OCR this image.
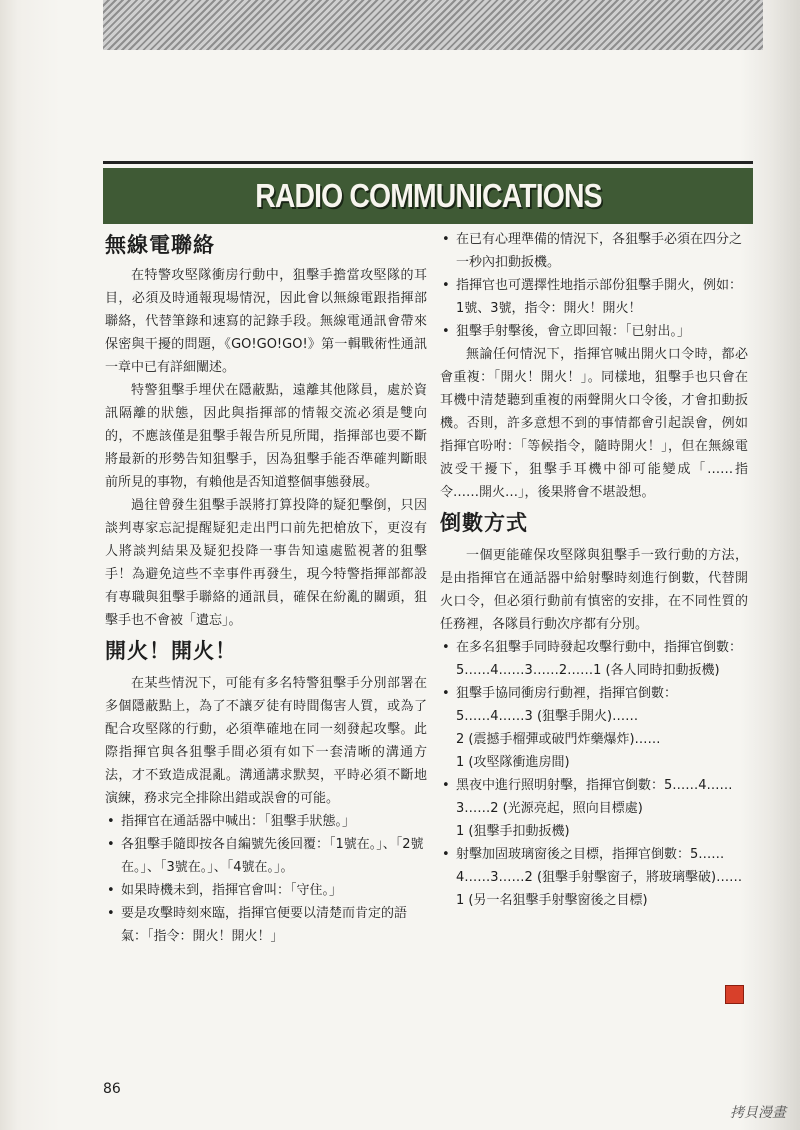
RADIO COMMUNICATIONS
無線電聯絡

在特警攻堅隊衝房行動中，狙擊手擔當攻堅隊的耳目，必須及時通報現場情況，因此會以無線電跟指揮部聯絡，代替筆錄和速寫的記錄手段。無線電通訊會帶來保密與干擾的問題，《GO!GO!GO!》第一輯戰術性通訊一章中已有詳細闡述。

特警狙擊手埋伏在隱蔽點，遠離其他隊員，處於資訊隔離的狀態，因此與指揮部的情報交流必須是雙向的，不應該僅是狙擊手報告所見所聞，指揮部也要不斷將最新的形勢告知狙擊手，因為狙擊手能否準確判斷眼前所見的事物，有賴他是否知道整個事態發展。

過往曾發生狙擊手誤將打算投降的疑犯擊倒，只因談判專家忘記提醒疑犯走出門口前先把槍放下，更沒有人將談判結果及疑犯投降一事告知遠處監視著的狙擊手！為避免這些不幸事件再發生，現今特警指揮部都設有專職與狙擊手聯絡的通訊員，確保在紛亂的關頭，狙擊手也不會被「遺忘」。

開火！開火！

在某些情況下，可能有多名特警狙擊手分別部署在多個隱蔽點上，為了不讓歹徒有時間傷害人質，或為了配合攻堅隊的行動，必須準確地在同一刻發起攻擊。此際指揮官與各狙擊手間必須有如下一套清晰的溝通方法，才不致造成混亂。溝通講求默契，平時必須不斷地演練，務求完全排除出錯或誤會的可能。

• 指揮官在通話器中喊出：「狙擊手狀態。」
• 各狙擊手隨即按各自編號先後回覆：「1號在。」、「2號在。」、「3號在。」、「4號在。」。
• 如果時機未到，指揮官會叫：「守住。」
• 要是攻擊時刻來臨，指揮官便要以清楚而肯定的語氣：「指令：開火！開火！」
• 在已有心理準備的情況下，各狙擊手必須在四分之一秒內扣動扳機。
• 指揮官也可選擇性地指示部份狙擊手開火，例如：1號、3號，指令：開火！開火！
• 狙擊手射擊後，會立即回報：「已射出。」

無論任何情況下，指揮官喊出開火口令時，都必會重複：「開火！開火！」。同樣地，狙擊手也只會在耳機中清楚聽到重複的兩聲開火口令後，才會扣動扳機。否則，許多意想不到的事情都會引起誤會，例如指揮官吩咐：「等候指令，隨時開火！」，但在無線電波受干擾下，狙擊手耳機中卻可能變成「……指令……開火…」，後果將會不堪設想。

倒數方式

一個更能確保攻堅隊與狙擊手一致行動的方法，是由指揮官在通話器中給射擊時刻進行倒數，代替開火口令，但必須行動前有慎密的安排，在不同性質的任務裡，各隊員行動次序都有分別。

• 在多名狙擊手同時發起攻擊行動中，指揮官倒數：5……4……3……2……1 (各人同時扣動扳機)
• 狙擊手協同衝房行動裡，指揮官倒數：
5……4……3 (狙擊手開火)……
2 (震撼手榴彈或破門炸藥爆炸)……
1 (攻堅隊衝進房間)
• 黑夜中進行照明射擊，指揮官倒數：5……4……3……2 (光源亮起，照向目標處)
1 (狙擊手扣動扳機)
• 射擊加固玻璃窗後之目標，指揮官倒數：5……4……3……2 (狙擊手射擊窗子，將玻璃擊破)……1 (另一名狙擊手射擊窗後之目標)
86
拷貝漫畫
